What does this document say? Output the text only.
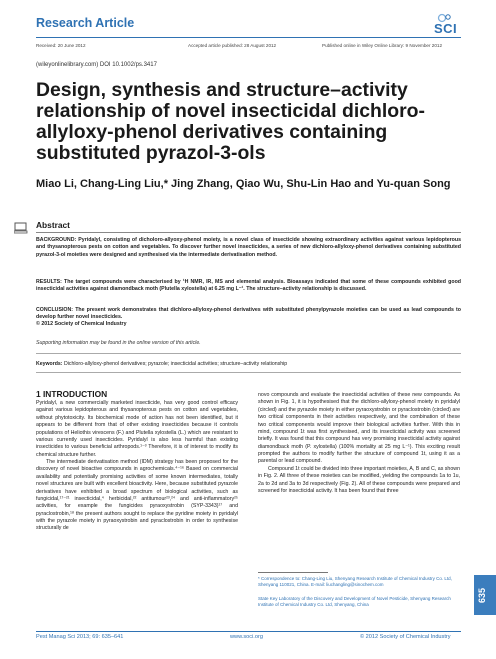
Research Article	SCI
Received: 20 June 2012	Accepted article published: 28 August 2012	Published online in Wiley Online Library: 9 November 2012
(wileyonlinelibrary.com) DOI 10.1002/ps.3417
Design, synthesis and structure–activity relationship of novel insecticidal dichloro-allyloxy-phenol derivatives containing substituted pyrazol-3-ols
Miao Li, Chang-Ling Liu,* Jing Zhang, Qiao Wu, Shu-Lin Hao and Yu-quan Song
Abstract
BACKGROUND: Pyridalyl, consisting of dicholoro-allyoxy-phenol moiety, is a novel class of insecticide showing extraordinary activities against various lepidopterous and thysanopterous pests on cotton and vegetables. To discover further novel insecticides, a series of new dichloro-allyloxy-phenol derivatives containing substituted pyrazol-3-ol moieties were designed and synthesised via the intermediate derivatisation method.
RESULTS: The target compounds were characterised by ¹H NMR, IR, MS and elemental analysis. Bioassays indicated that some of these compounds exhibited good insecticidal activities against diamondback moth (Plutella xylostella) at 6.25 mg L⁻¹. The structure–activity relationship is discussed.
CONCLUSION: The present work demonstrates that dichloro-allyloxy-phenol derivatives with substituted phenylpyrazole moieties can be used as lead compounds to develop further novel insecticides.
© 2012 Society of Chemical Industry
Supporting information may be found in the online version of this article.
Keywords: Dichloro-allyloxy-phenol derivatives; pyrazole; insecticidal activities; structure–activity relationship
1 INTRODUCTION

Pyridalyl, a new commercially marketed insecticide, has very good control efficacy against various lepidopterous and thysanopterous pests on cotton and vegetables, without phytotoxicity. Its biochemical mode of action has not been identified, but it appears to be different from that of other existing insecticides because it controls populations of Heliothis virescens (F.) and Plutella xylostella (L.) which are resistant to various currently used insecticides. Pyridalyl is also less harmful than existing insecticides to various beneficial arthropods.¹⁻³ Therefore, it is of interest to modify its chemical structure further.

The intermediate derivatisation method (IDM) strategy has been proposed for the discovery of novel bioactive compounds in agrochemicals.⁴⁻¹⁶ Based on commercial availability and potentially promising activities of some known intermediates, totally novel structures are built with excellent bioactivity. Here, because substituted pyrazole derivatives have exhibited a broad spectrum of biological activities, such as fungicidal,¹⁷⁻²¹ insecticidal,⁴ herbicidal,²² antitumour²³,²⁴ and anti-inflammatory²⁵ activities, for example the fungicides pyraoxystrobin (SYP-3343)¹⁷ and pyraclostrobin,¹⁸ the present authors sought to replace the pyridine moiety in pyridalyl with the pyrazole moiety in pyraoxystrobin and pyraclostrobin in order to synthesise structurally de

novo compounds and evaluate the insecticidal activities of these new compounds. As shown in Fig. 1, it is hypothesised that the dichloro-allyloxy-phenol moiety in pyridalyl (circled) and the pyrazole moiety in either pyraoxystrobin or pyraclostrobin (circled) are two critical components in their activities respectively, and the combination of these two critical components would improve their biological activities further. With this in mind, compound 1t was first synthesised, and its insecticidal activity was screened briefly. It was found that this compound has very promising insecticidal activity against diamondback moth (P. xylostella) (100% mortality at 25 mg L⁻¹). This exciting result prompted the authors to modify further the structure of compound 1t, using it as a parental or lead compound.

Compound 1t could be divided into three important moieties, A, B and C, as shown in Fig. 2. All three of these moieties can be modified, yielding the compounds 1a to 1u, 2a to 2d and 3a to 3d respectively (Fig. 2). All of these compounds were prepared and screened for insecticidal activity. It has been found that three

* Correspondence to: Chang-Ling Liu, Shenyang Research Institute of Chemical Industry Co. Ltd, Shenyang 110021, China. E-mail: liuchangling@sinochem.com
State Key Laboratory of the Discovery and Development of Novel Pesticide, Shenyang Research Institute of Chemical Industry Co. Ltd, Shenyang, China
Pest Manag Sci 2013; 69: 635–641	www.soci.org	© 2012 Society of Chemical Industry
635
